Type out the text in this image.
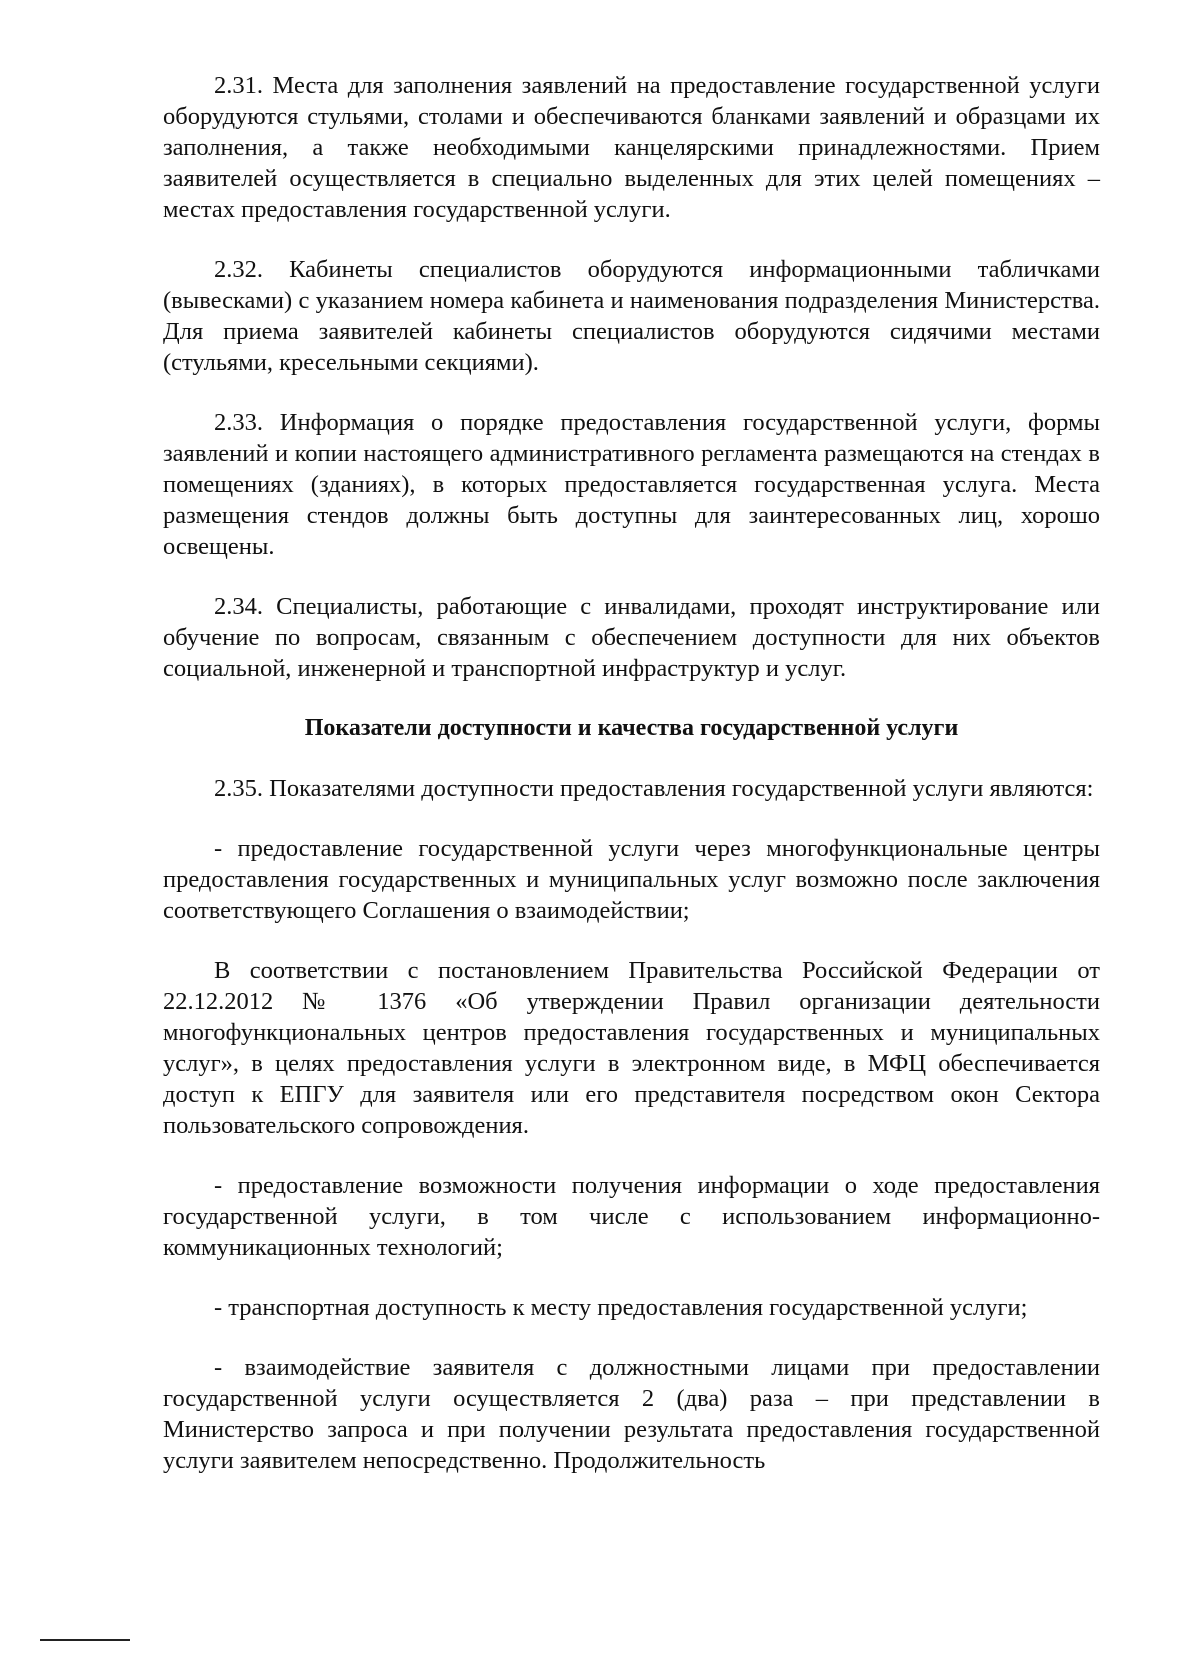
2.31. Места для заполнения заявлений на предоставление государственной услуги оборудуются стульями, столами и обеспечиваются бланками заявлений и образцами их заполнения, а также необходимыми канцелярскими принадлежностями. Прием заявителей осуществляется в специально выделенных для этих целей помещениях – местах предоставления государственной услуги.

2.32. Кабинеты специалистов оборудуются информационными табличками (вывесками) с указанием номера кабинета и наименования подразделения Министерства. Для приема заявителей кабинеты специалистов оборудуются сидячими местами (стульями, кресельными секциями).

2.33. Информация о порядке предоставления государственной услуги, формы заявлений и копии настоящего административного регламента размещаются на стендах в помещениях (зданиях), в которых предоставляется государственная услуга. Места размещения стендов должны быть доступны для заинтересованных лиц, хорошо освещены.

2.34. Специалисты, работающие с инвалидами, проходят инструктирование или обучение по вопросам, связанным с обеспечением доступности для них объектов социальной, инженерной и транспортной инфраструктур и услуг.

Показатели доступности и качества государственной услуги

2.35. Показателями доступности предоставления государственной услуги являются:

- предоставление государственной услуги через многофункциональные центры предоставления государственных и муниципальных услуг возможно после заключения соответствующего Соглашения о взаимодействии;

В соответствии с постановлением Правительства Российской Федерации от 22.12.2012 № 1376 «Об утверждении Правил организации деятельности многофункциональных центров предоставления государственных и муниципальных услуг», в целях предоставления услуги в электронном виде, в МФЦ обеспечивается доступ к ЕПГУ для заявителя или его представителя посредством окон Сектора пользовательского сопровождения.

- предоставление возможности получения информации о ходе предоставления государственной услуги, в том числе с использованием информационно-коммуникационных технологий;

- транспортная доступность к месту предоставления государственной услуги;

- взаимодействие заявителя с должностными лицами при предоставлении государственной услуги осуществляется 2 (два) раза – при представлении в Министерство запроса и при получении результата предоставления государственной услуги заявителем непосредственно. Продолжительность
